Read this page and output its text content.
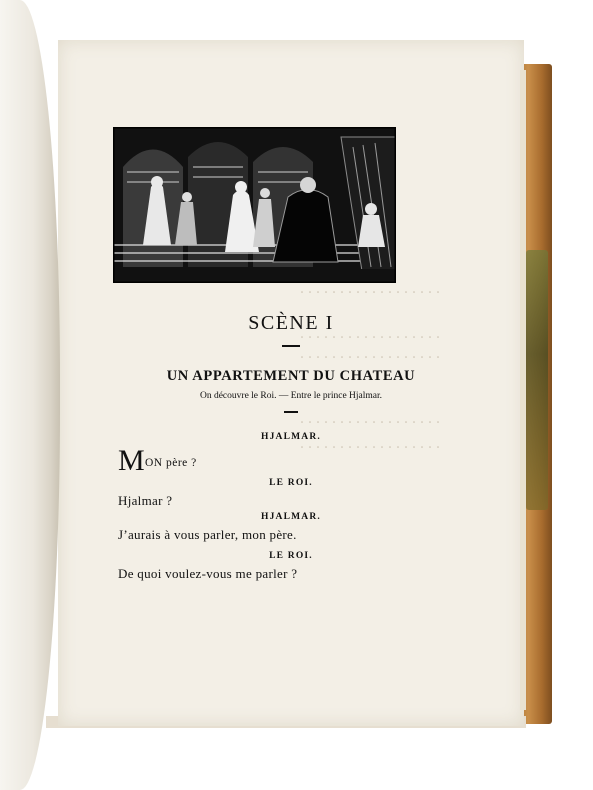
· · · · · · · · · · · · · · · · · ·
· · · · · · · · · · · · · · · · · ·
· · · · · · · · · · · · · · · · · ·
· · · · · · · · · · · · · · · · · ·
· · · · · · · · · · · · · · · · · ·
SCÈNE I
UN APPARTEMENT DU CHATEAU
On découvre le Roi. — Entre le prince Hjalmar.
HJALMAR.
MON père ?
LE ROI.
Hjalmar ?
HJALMAR.
J’aurais à vous parler, mon père.
LE ROI.
De quoi voulez-vous me parler ?
